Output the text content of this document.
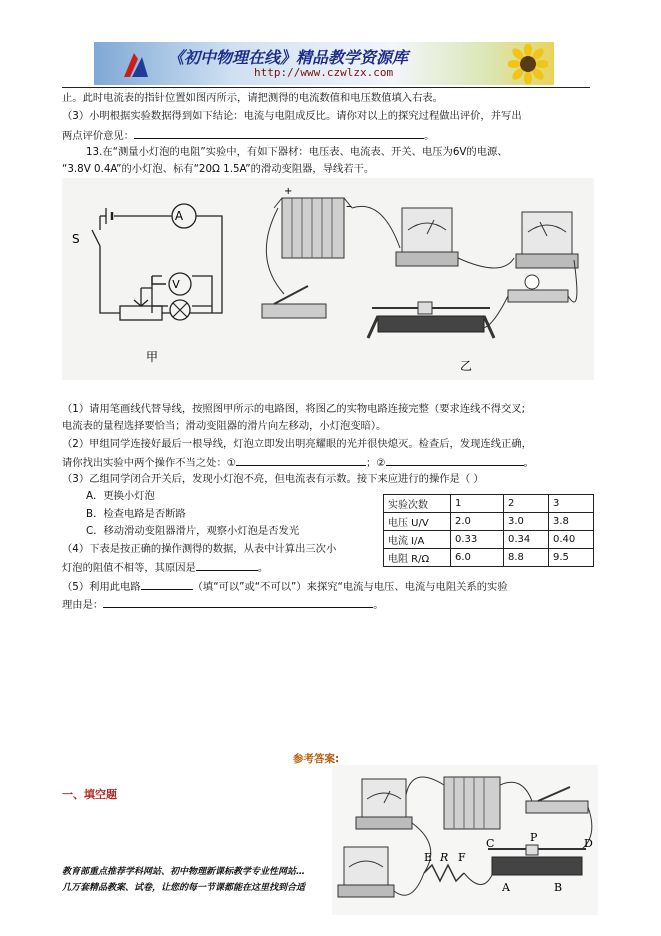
《初中物理在线》精品教学资源库
http://www.czwlzx.com
止。此时电流表的指针位置如图丙所示，请把测得的电流数值和电压数值填入右表。
（3）小明根据实验数据得到如下结论：电流与电阻成反比。请你对以上的探究过程做出评价，并写出
两点评价意见：	。
13.在“测量小灯泡的电阻”实验中，有如下器材：电压表、电流表、开关、电压为6V的电源、
“3.8V 0.4A”的小灯泡、标有“20Ω 1.5A”的滑动变阻器，导线若干。
A
V
S
甲
+
–
乙
（1）请用笔画线代替导线，按照图甲所示的电路图，将图乙的实物电路连接完整（要求连线不得交叉;
电流表的量程选择要恰当；滑动变阻器的滑片向左移动，小灯泡变暗）。
（2）甲组同学连接好最后一根导线，灯泡立即发出明亮耀眼的光并很快熄灭。检查后，发现连线正确，
请你找出实验中两个操作不当之处：①	；②	。
（3）乙组同学闭合开关后，发现小灯泡不亮，但电流表有示数。接下来应进行的操作是（ ）
A．更换小灯泡
B．检查电路是否断路
C．移动滑动变阻器滑片，观察小灯泡是否发光
（4）下表是按正确的操作测得的数据，从表中计算出三次小
灯泡的阻值不相等，其原因是	。
（5）利用此电路	（填“可以”或“不可以”）来探究“电流与电压、电流与电阻关系的实验
理由是：	。
实验次数	1	2	3
电压 U/V	2.0	3.0	3.8
电流 I/A	0.33	0.34	0.40
电阻 R/Ω	6.0	8.8	9.5
参考答案:
一、填空题
E R F
P
C	D
A	B
教育部重点推荐学科网站、初中物理新课标教学专业性网站…
几万套精品教案、试卷，让您的每一节课都能在这里找到合适
